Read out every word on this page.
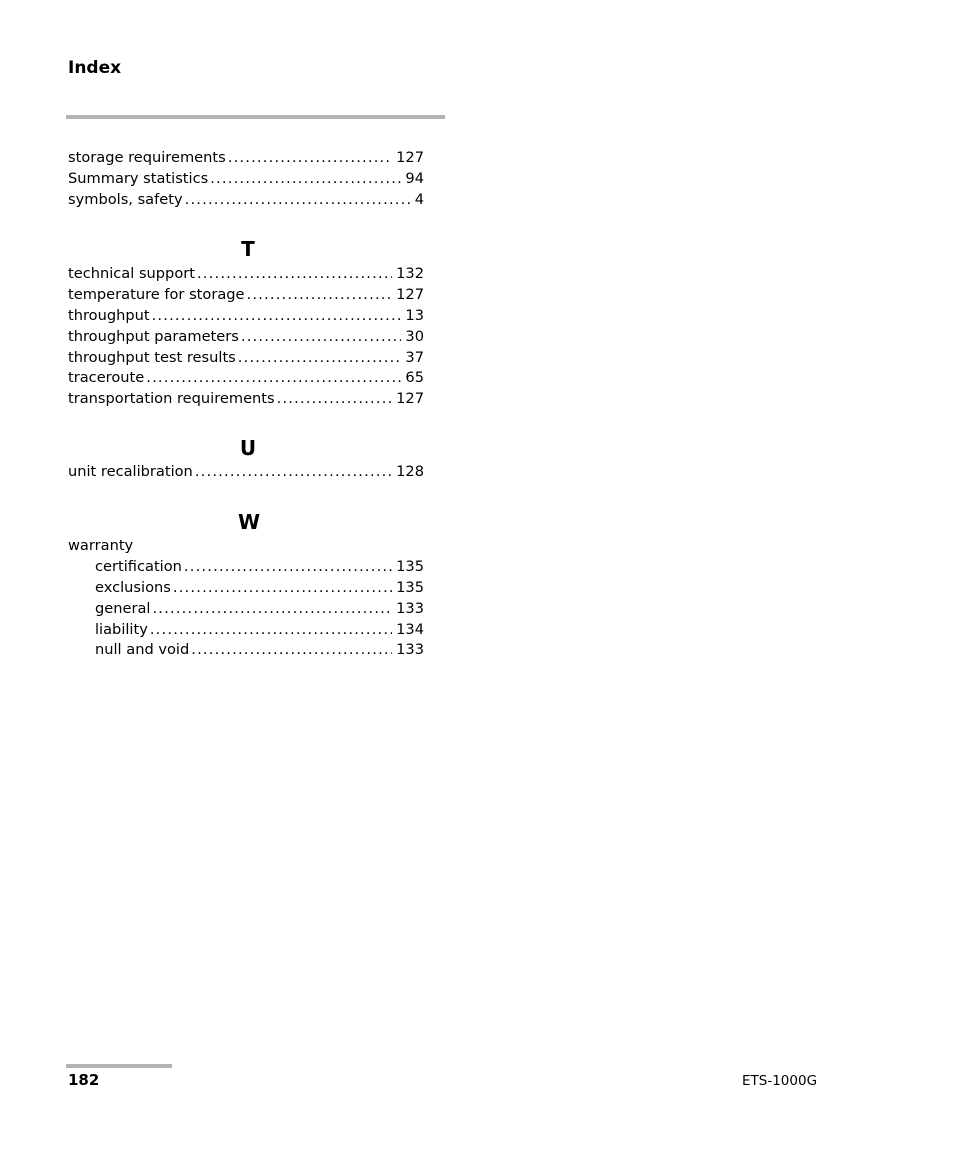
Index
storage requirements .....	127
Summary statistics .....	94
symbols, safety .....	4
T
technical support .....	132
temperature for storage .....	127
throughput .....	13
throughput parameters .....	30
throughput test results .....	37
traceroute .....	65
transportation requirements .....	127
U
unit recalibration .....	128
W
warranty
certification .....	135
exclusions .....	135
general .....	133
liability .....	134
null and void .....	133
182	ETS-1000G
